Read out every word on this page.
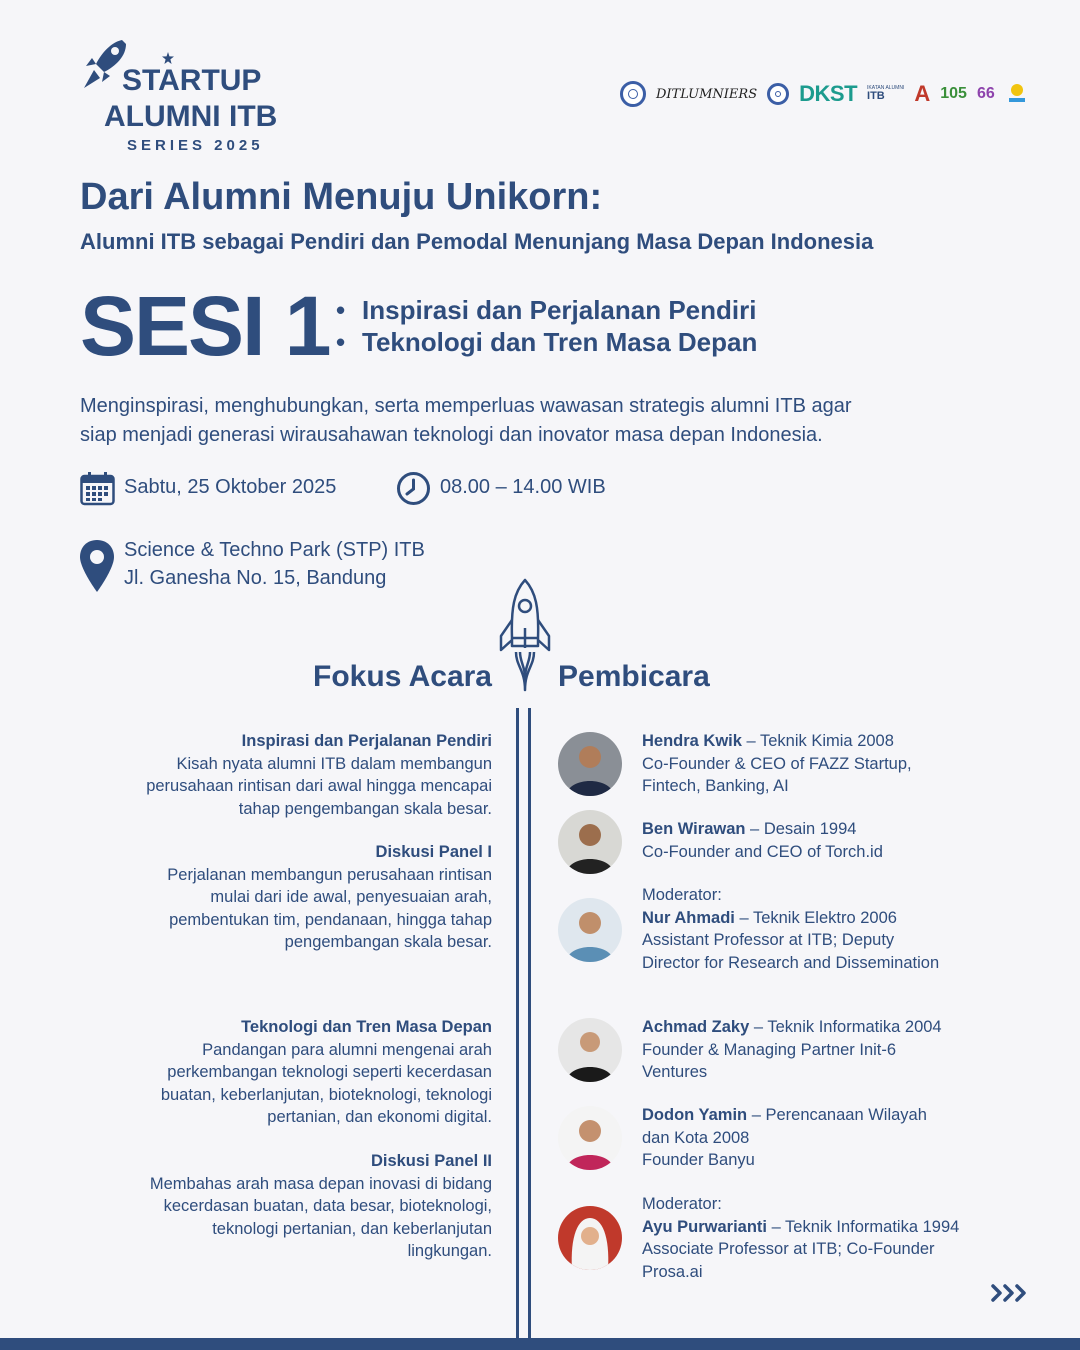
STARTUP
ALUMNI ITB
SERIES 2025
DITLUMNIERS DKST IKATAN ALUMNI
ITB	A 105 66
Dari Alumni Menuju Unikorn:
Alumni ITB sebagai Pendiri dan Pemodal Menunjang Masa Depan Indonesia
SESI 1
•	Inspirasi dan Perjalanan Pendiri
• Teknologi dan Tren Masa Depan
Menginspirasi, menghubungkan, serta memperluas wawasan strategis alumni ITB agar
siap menjadi generasi wirausahawan teknologi dan inovator masa depan Indonesia.
Sabtu, 25 Oktober 2025	08.00 – 14.00 WIB
Science & Techno Park (STP) ITB
Jl. Ganesha No. 15, Bandung
Fokus Acara Pembicara
Inspirasi dan Perjalanan Pendiri
Kisah nyata alumni ITB dalam membangun
perusahaan rintisan dari awal hingga mencapai
tahap pengembangan skala besar.
Diskusi Panel I
Perjalanan membangun perusahaan rintisan
mulai dari ide awal, penyesuaian arah,
pembentukan tim, pendanaan, hingga tahap
pengembangan skala besar.
Teknologi dan Tren Masa Depan
Pandangan para alumni mengenai arah
perkembangan teknologi seperti kecerdasan
buatan, keberlanjutan, bioteknologi, teknologi
pertanian, dan ekonomi digital.
Diskusi Panel II
Membahas arah masa depan inovasi di bidang
kecerdasan buatan, data besar, bioteknologi,
teknologi pertanian, dan keberlanjutan
lingkungan.
Hendra Kwik – Teknik Kimia 2008
Co-Founder & CEO of FAZZ Startup,
Fintech, Banking, AI
Ben Wirawan – Desain 1994
Co-Founder and CEO of Torch.id
Moderator:
Nur Ahmadi – Teknik Elektro 2006
Assistant Professor at ITB; Deputy
Director for Research and Dissemination
Achmad Zaky – Teknik Informatika 2004
Founder & Managing Partner Init-6
Ventures
Dodon Yamin – Perencanaan Wilayah
dan Kota 2008
Founder Banyu
Moderator:
Ayu Purwarianti – Teknik Informatika 1994
Associate Professor at ITB; Co-Founder
Prosa.ai
